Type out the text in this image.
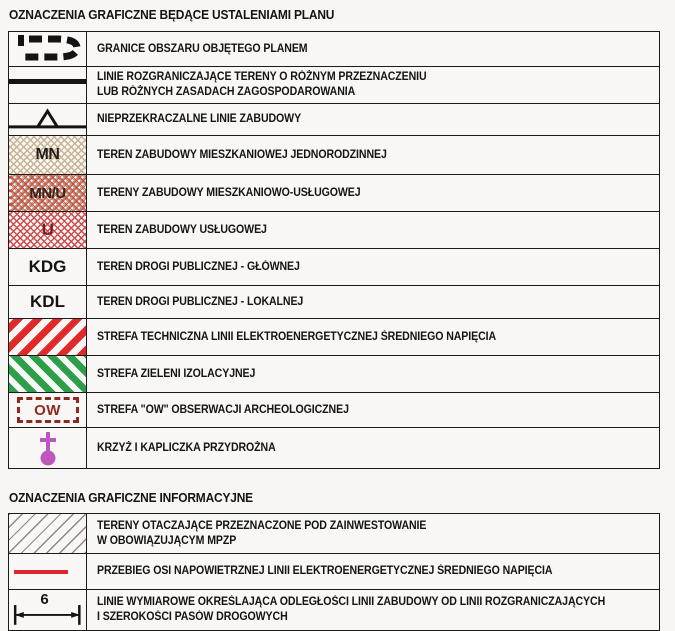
OZNACZENIA GRAFICZNE BĘDĄCE USTALENIAMI PLANU
GRANICE OBSZARU OBJĘTEGO PLANEM
LINIE ROZGRANICZAJĄCE TERENY O RÓŻNYM PRZEZNACZENIU
LUB RÓŻNYCH ZASADACH ZAGOSPODAROWANIA
NIEPRZEKRACZALNE LINIE ZABUDOWY
MN	TEREN ZABUDOWY MIESZKANIOWEJ JEDNORODZINNEJ
MN/U	TERENY ZABUDOWY MIESZKANIOWO-USŁUGOWEJ
U	TEREN ZABUDOWY USŁUGOWEJ
KDG	TEREN DROGI PUBLICZNEJ - GŁÓWNEJ
KDL	TEREN DROGI PUBLICZNEJ - LOKALNEJ
STREFA TECHNICZNA LINII ELEKTROENERGETYCZNEJ ŚREDNIEGO NAPIĘCIA
STREFA ZIELENI IZOLACYJNEJ
OW	STREFA "OW" OBSERWACJI ARCHEOLOGICZNEJ
KRZYŻ I KAPLICZKA PRZYDROŻNA
OZNACZENIA GRAFICZNE INFORMACYJNE
TERENY OTACZAJĄCE PRZEZNACZONE POD ZAINWESTOWANIE
W OBOWIĄZUJĄCYM MPZP
PRZEBIEG OSI NAPOWIETRZNEJ LINII ELEKTROENERGETYCZNEJ ŚREDNIEGO NAPIĘCIA
6	LINIE WYMIAROWE OKREŚLAJĄCA ODLEGŁOŚCI LINII ZABUDOWY OD LINII ROZGRANICZAJĄCYCH
I SZEROKOŚCI PASÓW DROGOWYCH
